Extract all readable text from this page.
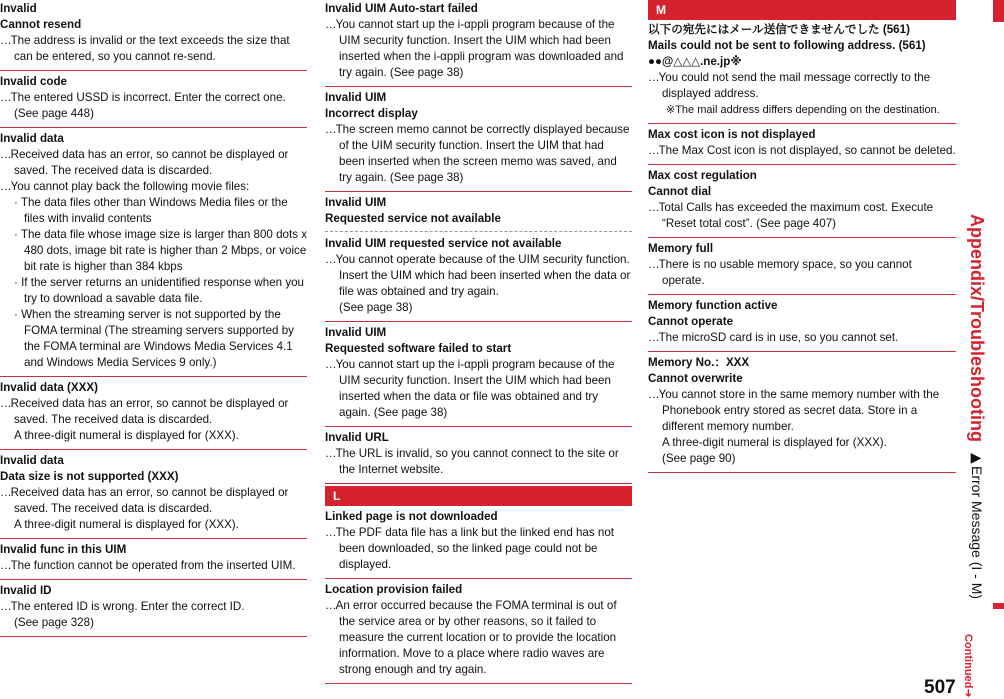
Invalid
Cannot resend
…The address is invalid or the text exceeds the size that can be entered, so you cannot re-send.
Invalid code
…The entered USSD is incorrect. Enter the correct one. (See page 448)
Invalid data
…Received data has an error, so cannot be displayed or saved. The received data is discarded.
…You cannot play back the following movie files:
· The data files other than Windows Media files or the files with invalid contents
· The data file whose image size is larger than 800 dots x 480 dots, image bit rate is higher than 2 Mbps, or voice bit rate is higher than 384 kbps
· If the server returns an unidentified response when you try to download a savable data file.
· When the streaming server is not supported by the FOMA terminal (The streaming servers supported by the FOMA terminal are Windows Media Services 4.1 and Windows Media Services 9 only.)
Invalid data (XXX)
…Received data has an error, so cannot be displayed or saved. The received data is discarded.
A three-digit numeral is displayed for (XXX).
Invalid data
Data size is not supported (XXX)
…Received data has an error, so cannot be displayed or saved. The received data is discarded.
A three-digit numeral is displayed for (XXX).
Invalid func in this UIM
…The function cannot be operated from the inserted UIM.
Invalid ID
…The entered ID is wrong. Enter the correct ID.
(See page 328)
Invalid UIM Auto-start failed
…You cannot start up the i-αppli program because of the UIM security function. Insert the UIM which had been inserted when the i-αppli program was downloaded and try again. (See page 38)
Invalid UIM
Incorrect display
…The screen memo cannot be correctly displayed because of the UIM security function. Insert the UIM that had been inserted when the screen memo was saved, and try again. (See page 38)
Invalid UIM
Requested service not available
Invalid UIM requested service not available
…You cannot operate because of the UIM security function. Insert the UIM which had been inserted when the data or file was obtained and try again.
(See page 38)
Invalid UIM
Requested software failed to start
…You cannot start up the i-αppli program because of the UIM security function. Insert the UIM which had been inserted when the data or file was obtained and try again. (See page 38)
Invalid URL
…The URL is invalid, so you cannot connect to the site or the Internet website.
L
Linked page is not downloaded
…The PDF data file has a link but the linked end has not been downloaded, so the linked page could not be displayed.
Location provision failed
…An error occurred because the FOMA terminal is out of the service area or by other reasons, so it failed to measure the current location or to provide the location information. Move to a place where radio waves are strong enough and try again.
M
以下の宛先にはメール送信できませんでした (561)
Mails could not be sent to following address. (561)
●●@△△△.ne.jp※
…You could not send the mail message correctly to the displayed address.
※The mail address differs depending on the destination.
Max cost icon is not displayed
…The Max Cost icon is not displayed, so cannot be deleted.
Max cost regulation
Cannot dial
…Total Calls has exceeded the maximum cost. Execute “Reset total cost”. (See page 407)
Memory full
…There is no usable memory space, so you cannot operate.
Memory function active
Cannot operate
…The microSD card is in use, so you cannot set.
Memory No.：XXX
Cannot overwrite
…You cannot store in the same memory number with the Phonebook entry stored as secret data. Store in a different memory number.
A three-digit numeral is displayed for (XXX).
(See page 90)
Appendix/Troubleshooting
▶Error Message (I - M)
Continued➜
507
